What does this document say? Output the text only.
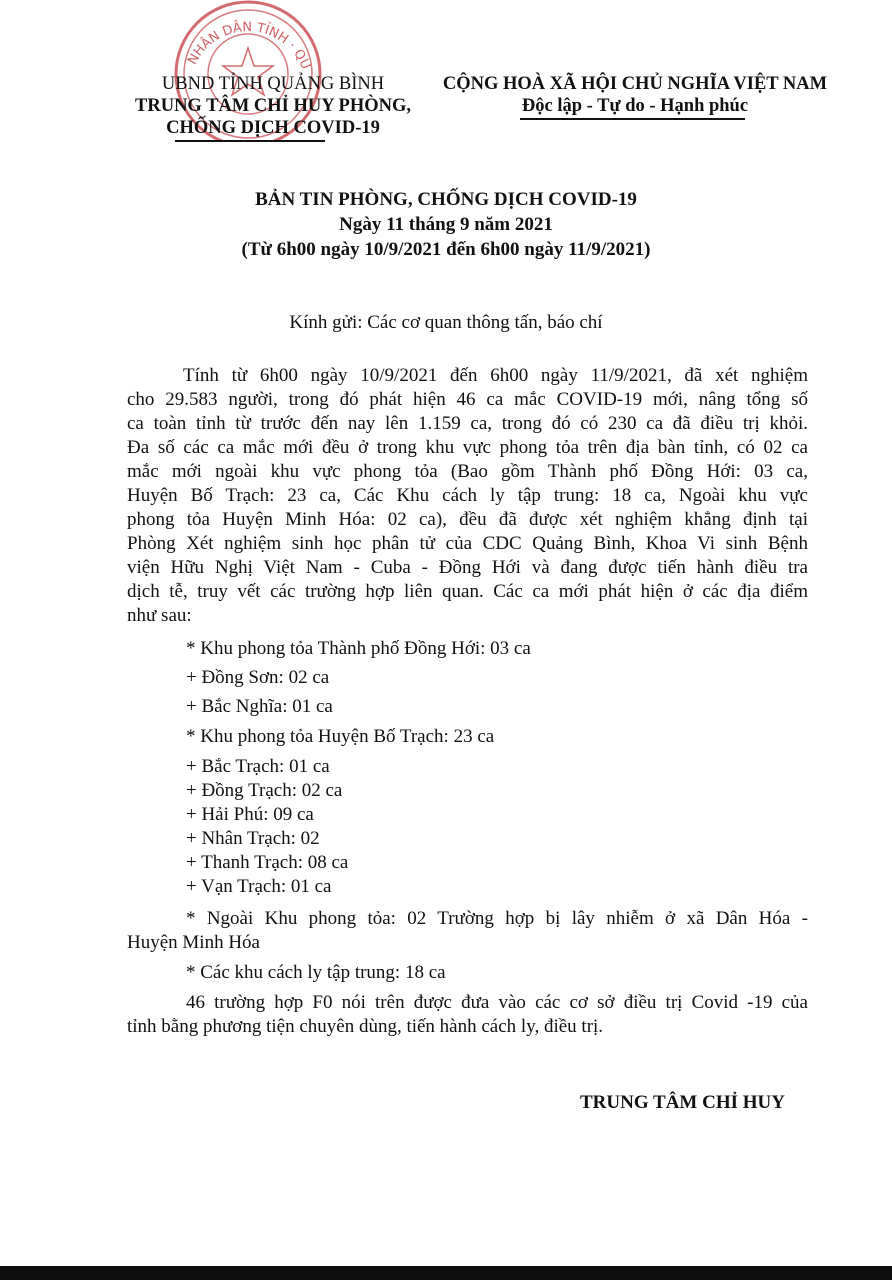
NHÂN DÂN TỈNH · QU
UBND TỈNH QUẢNG BÌNH
TRUNG TÂM CHỈ HUY PHÒNG,
CHỐNG DỊCH COVID-19
CỘNG HOÀ XÃ HỘI CHỦ NGHĨA VIỆT NAM
Độc lập - Tự do - Hạnh phúc
BẢN TIN PHÒNG, CHỐNG DỊCH COVID-19
Ngày 11 tháng 9 năm 2021
(Từ 6h00 ngày 10/9/2021 đến 6h00 ngày 11/9/2021)
Kính gửi: Các cơ quan thông tấn, báo chí
Tính từ 6h00 ngày 10/9/2021 đến 6h00 ngày 11/9/2021, đã xét nghiệm
cho 29.583 người, trong đó phát hiện 46 ca mắc COVID-19 mới, nâng tổng số
ca toàn tỉnh từ trước đến nay lên 1.159 ca, trong đó có 230 ca đã điều trị khỏi.
Đa số các ca mắc mới đều ở trong khu vực phong tỏa trên địa bàn tỉnh, có 02 ca
mắc mới ngoài khu vực phong tỏa (Bao gồm Thành phố Đồng Hới: 03 ca,
Huyện Bố Trạch: 23 ca, Các Khu cách ly tập trung: 18 ca, Ngoài khu vực
phong tỏa Huyện Minh Hóa: 02 ca), đều đã được xét nghiệm khẳng định tại
Phòng Xét nghiệm sinh học phân tử của CDC Quảng Bình, Khoa Vi sinh Bệnh
viện Hữu Nghị Việt Nam - Cuba - Đồng Hới và đang được tiến hành điều tra
dịch tễ, truy vết các trường hợp liên quan. Các ca mới phát hiện ở các địa điểm
như sau:
* Khu phong tỏa Thành phố Đồng Hới: 03 ca
+ Đồng Sơn: 02 ca
+ Bắc Nghĩa: 01 ca
* Khu phong tỏa Huyện Bố Trạch: 23 ca
+ Bắc Trạch: 01 ca
+ Đồng Trạch: 02 ca
+ Hải Phú: 09 ca
+ Nhân Trạch: 02
+ Thanh Trạch: 08 ca
+ Vạn Trạch: 01 ca
* Ngoài Khu phong tỏa: 02 Trường hợp bị lây nhiễm ở xã Dân Hóa -
Huyện Minh Hóa
* Các khu cách ly tập trung: 18 ca
46 trường hợp F0 nói trên được đưa vào các cơ sở điều trị Covid -19 của
tỉnh bằng phương tiện chuyên dùng, tiến hành cách ly, điều trị.
TRUNG TÂM CHỈ HUY
